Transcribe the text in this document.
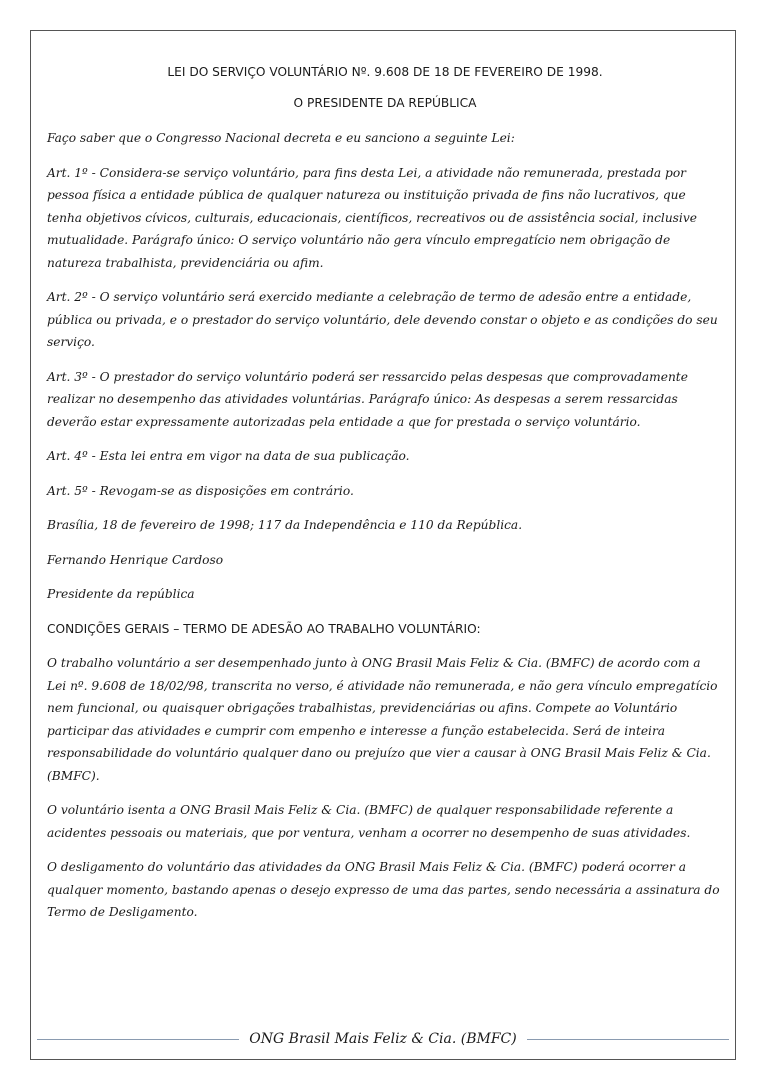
LEI DO SERVIÇO VOLUNTÁRIO Nº. 9.608 DE 18 DE FEVEREIRO DE 1998.
O PRESIDENTE DA REPÚBLICA

Faço saber que o Congresso Nacional decreta e eu sanciono a seguinte Lei:

Art. 1º - Considera-se serviço voluntário, para fins desta Lei, a atividade não remunerada, prestada por pessoa física a entidade pública de qualquer natureza ou instituição privada de fins não lucrativos, que tenha objetivos cívicos, culturais, educacionais, científicos, recreativos ou de assistência social, inclusive mutualidade. Parágrafo único: O serviço voluntário não gera vínculo empregatício nem obrigação de natureza trabalhista, previdenciária ou afim.

Art. 2º - O serviço voluntário será exercido mediante a celebração de termo de adesão entre a entidade, pública ou privada, e o prestador do serviço voluntário, dele devendo constar o objeto e as condições do seu serviço.

Art. 3º - O prestador do serviço voluntário poderá ser ressarcido pelas despesas que comprovadamente realizar no desempenho das atividades voluntárias. Parágrafo único: As despesas a serem ressarcidas deverão estar expressamente autorizadas pela entidade a que for prestada o serviço voluntário.

Art. 4º - Esta lei entra em vigor na data de sua publicação.

Art. 5º - Revogam-se as disposições em contrário.

Brasília, 18 de fevereiro de 1998; 117 da Independência e 110 da República.

Fernando Henrique Cardoso

Presidente da república

CONDIÇÕES GERAIS – TERMO DE ADESÃO AO TRABALHO VOLUNTÁRIO:

O trabalho voluntário a ser desempenhado junto à ONG Brasil Mais Feliz & Cia. (BMFC) de acordo com a Lei nº. 9.608 de 18/02/98, transcrita no verso, é atividade não remunerada, e não gera vínculo empregatício nem funcional, ou quaisquer obrigações trabalhistas, previdenciárias ou afins. Compete ao Voluntário participar das atividades e cumprir com empenho e interesse a função estabelecida. Será de inteira responsabilidade do voluntário qualquer dano ou prejuízo que vier a causar à ONG Brasil Mais Feliz & Cia. (BMFC).

O voluntário isenta a ONG Brasil Mais Feliz & Cia. (BMFC) de qualquer responsabilidade referente a acidentes pessoais ou materiais, que por ventura, venham a ocorrer no desempenho de suas atividades.

O desligamento do voluntário das atividades da ONG Brasil Mais Feliz & Cia. (BMFC) poderá ocorrer a qualquer momento, bastando apenas o desejo expresso de uma das partes, sendo necessária a assinatura do Termo de Desligamento.

ONG Brasil Mais Feliz & Cia. (BMFC)
